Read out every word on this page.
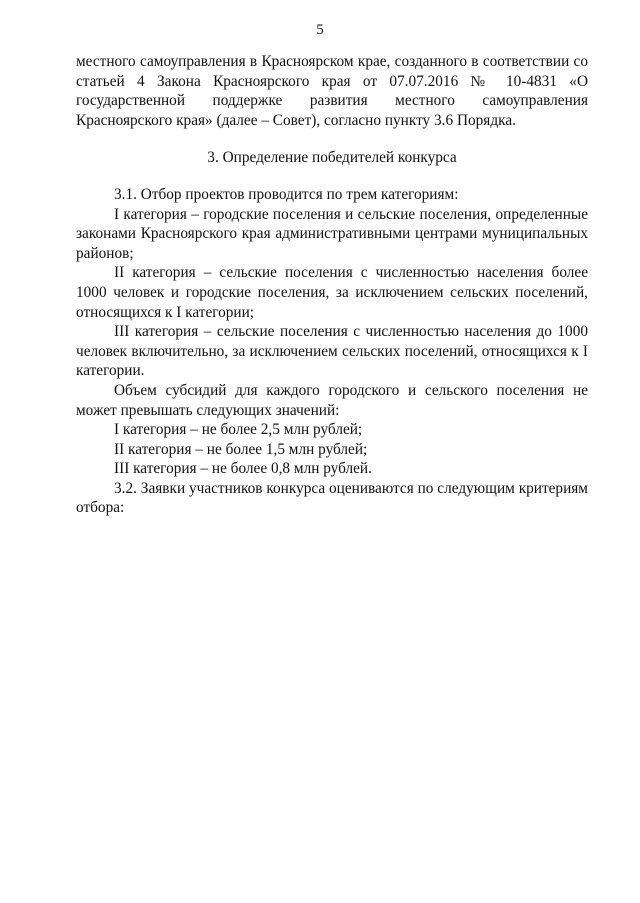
5

местного самоуправления в Красноярском крае, созданного в соответствии со статьей 4 Закона Красноярского края от 07.07.2016 № 10-4831 «О государственной поддержке развития местного самоуправления Красноярского края» (далее – Совет), согласно пункту 3.6 Порядка.

3. Определение победителей конкурса

3.1. Отбор проектов проводится по трем категориям:

I категория – городские поселения и сельские поселения, определенные законами Красноярского края административными центрами муниципальных районов;

II категория – сельские поселения с численностью населения более 1000 человек и городские поселения, за исключением сельских поселений, относящихся к I категории;

III категория – сельские поселения с численностью населения до 1000 человек включительно, за исключением сельских поселений, относящихся к I категории.

Объем субсидий для каждого городского и сельского поселения не может превышать следующих значений:

I категория – не более 2,5 млн рублей;

II категория – не более 1,5 млн рублей;

III категория – не более 0,8 млн рублей.

3.2. Заявки участников конкурса оцениваются по следующим критериям отбора:
